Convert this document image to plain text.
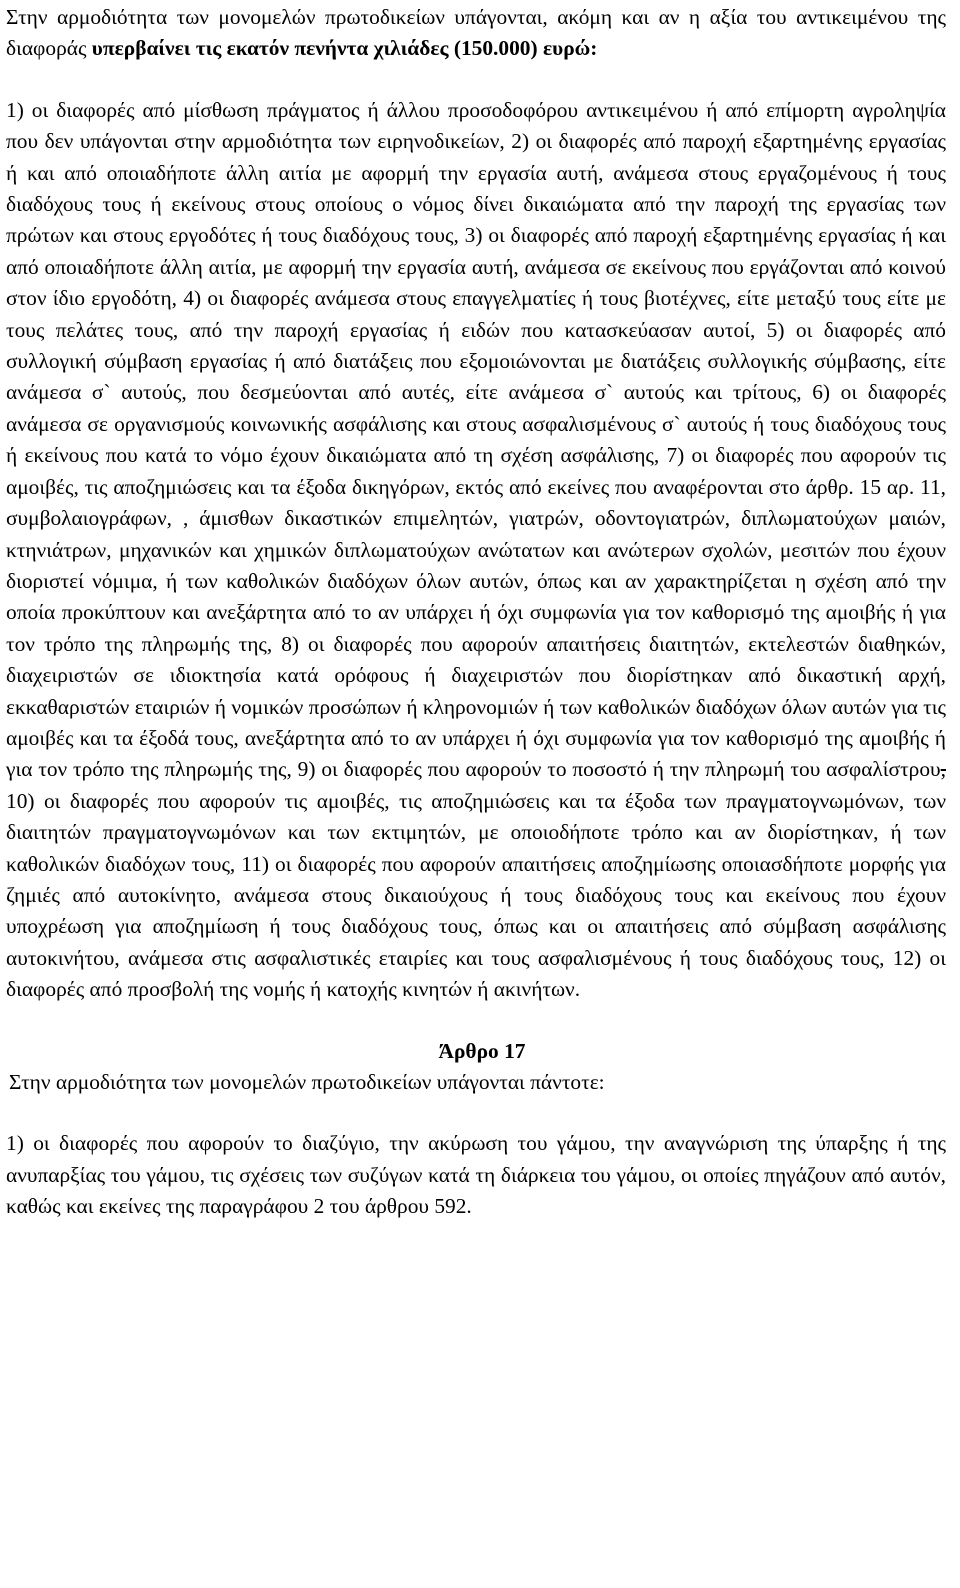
Στην αρμοδιότητα των μονομελών πρωτοδικείων υπάγονται, ακόμη και αν η αξία του αντικειμένου της διαφοράς υπερβαίνει τις εκατόν πενήντα χιλιάδες (150.000) ευρώ:

1) οι διαφορές από μίσθωση πράγματος ή άλλου προσοδοφόρου αντικειμένου ή από επίμορτη αγροληψία που δεν υπάγονται στην αρμοδιότητα των ειρηνοδικείων, 2) οι διαφορές από παροχή εξαρτημένης εργασίας ή και από οποιαδήποτε άλλη αιτία με αφορμή την εργασία αυτή, ανάμεσα στους εργαζομένους ή τους διαδόχους τους ή εκείνους στους οποίους ο νόμος δίνει δικαιώματα από την παροχή της εργασίας των πρώτων και στους εργοδότες ή τους διαδόχους τους, 3) οι διαφορές από παροχή εξαρτημένης εργασίας ή και από οποιαδήποτε άλλη αιτία, με αφορμή την εργασία αυτή, ανάμεσα σε εκείνους που εργάζονται από κοινού στον ίδιο εργοδότη, 4) οι διαφορές ανάμεσα στους επαγγελματίες ή τους βιοτέχνες, είτε μεταξύ τους είτε με τους πελάτες τους, από την παροχή εργασίας ή ειδών που κατασκεύασαν αυτοί, 5) οι διαφορές από συλλογική σύμβαση εργασίας ή από διατάξεις που εξομοιώνονται με διατάξεις συλλογικής σύμβασης, είτε ανάμεσα σ` αυτούς, που δεσμεύονται από αυτές, είτε ανάμεσα σ` αυτούς και τρίτους, 6) οι διαφορές ανάμεσα σε οργανισμούς κοινωνικής ασφάλισης και στους ασφαλισμένους σ` αυτούς ή τους διαδόχους τους ή εκείνους που κατά το νόμο έχουν δικαιώματα από τη σχέση ασφάλισης, 7) οι διαφορές που αφορούν τις αμοιβές, τις αποζημιώσεις και τα έξοδα δικηγόρων, εκτός από εκείνες που αναφέρονται στο άρθρ. 15 αρ. 11, συμβολαιογράφων, , άμισθων δικαστικών επιμελητών, γιατρών, οδοντογιατρών, διπλωματούχων μαιών, κτηνιάτρων, μηχανικών και χημικών διπλωματούχων ανώτατων και ανώτερων σχολών, μεσιτών που έχουν διοριστεί νόμιμα, ή των καθολικών διαδόχων όλων αυτών, όπως και αν χαρακτηρίζεται η σχέση από την οποία προκύπτουν και ανεξάρτητα από το αν υπάρχει ή όχι συμφωνία για τον καθορισμό της αμοιβής ή για τον τρόπο της πληρωμής της, 8) οι διαφορές που αφορούν απαιτήσεις διαιτητών, εκτελεστών διαθηκών, διαχειριστών σε ιδιοκτησία κατά ορόφους ή διαχειριστών που διορίστηκαν από δικαστική αρχή, εκκαθαριστών εταιριών ή νομικών προσώπων ή κληρονομιών ή των καθολικών διαδόχων όλων αυτών για τις αμοιβές και τα έξοδά τους, ανεξάρτητα από το αν υπάρχει ή όχι συμφωνία για τον καθορισμό της αμοιβής ή για τον τρόπο της πληρωμής της, 9) οι διαφορές που αφορούν το ποσοστό ή την πληρωμή του ασφαλίστρου, 10) οι διαφορές που αφορούν τις αμοιβές, τις αποζημιώσεις και τα έξοδα των πραγματογνωμόνων, των διαιτητών πραγματογνωμόνων και των εκτιμητών, με οποιοδήποτε τρόπο και αν διορίστηκαν, ή των καθολικών διαδόχων τους, 11) οι διαφορές που αφορούν απαιτήσεις αποζημίωσης οποιασδήποτε μορφής για ζημιές από αυτοκίνητο, ανάμεσα στους δικαιούχους ή τους διαδόχους τους και εκείνους που έχουν υποχρέωση για αποζημίωση ή τους διαδόχους τους, όπως και οι απαιτήσεις από σύμβαση ασφάλισης αυτοκινήτου, ανάμεσα στις ασφαλιστικές εταιρίες και τους ασφαλισμένους ή τους διαδόχους τους, 12) οι διαφορές από προσβολή της νομής ή κατοχής κινητών ή ακινήτων.

Άρθρο 17

Στην αρμοδιότητα των μονομελών πρωτοδικείων υπάγονται πάντοτε:

1) οι διαφορές που αφορούν το διαζύγιο, την ακύρωση του γάμου, την αναγνώριση της ύπαρξης ή της ανυπαρξίας του γάμου, τις σχέσεις των συζύγων κατά τη διάρκεια του γάμου, οι οποίες πηγάζουν από αυτόν, καθώς και εκείνες της παραγράφου 2 του άρθρου 592.
